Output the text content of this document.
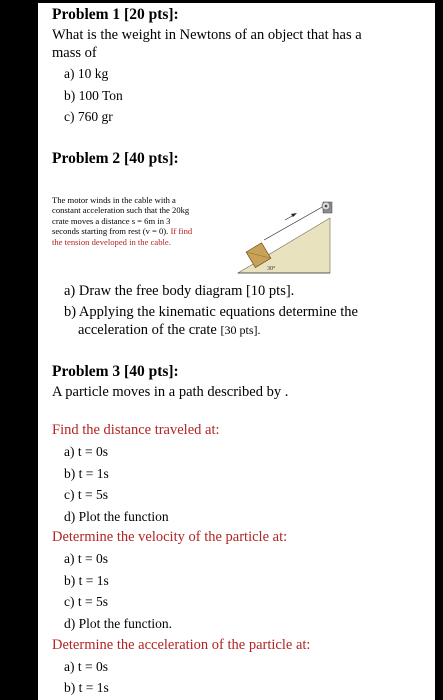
Problem 1 [20 pts]:
What is the weight in Newtons of an object that has a
mass of
a) 10 kg
b) 100 Ton
c) 760 gr
Problem 2 [40 pts]:
The motor winds in the cable with a
constant acceleration such that the 20kg
crate moves a distance s = 6m in 3
seconds starting from rest (v = 0). If find
the tension developed in the cable.
30°
a) Draw the free body diagram [10 pts].
b) Applying the kinematic equations determine the
acceleration of the crate [30 pts].
Problem 3 [40 pts]:
A particle moves in a path described by .
Find the distance traveled at:
a) t = 0s
b) t = 1s
c) t = 5s
d) Plot the function
Determine the velocity of the particle at:
a) t = 0s
b) t = 1s
c) t = 5s
d) Plot the function.
Determine the acceleration of the particle at:
a) t = 0s
b) t = 1s
